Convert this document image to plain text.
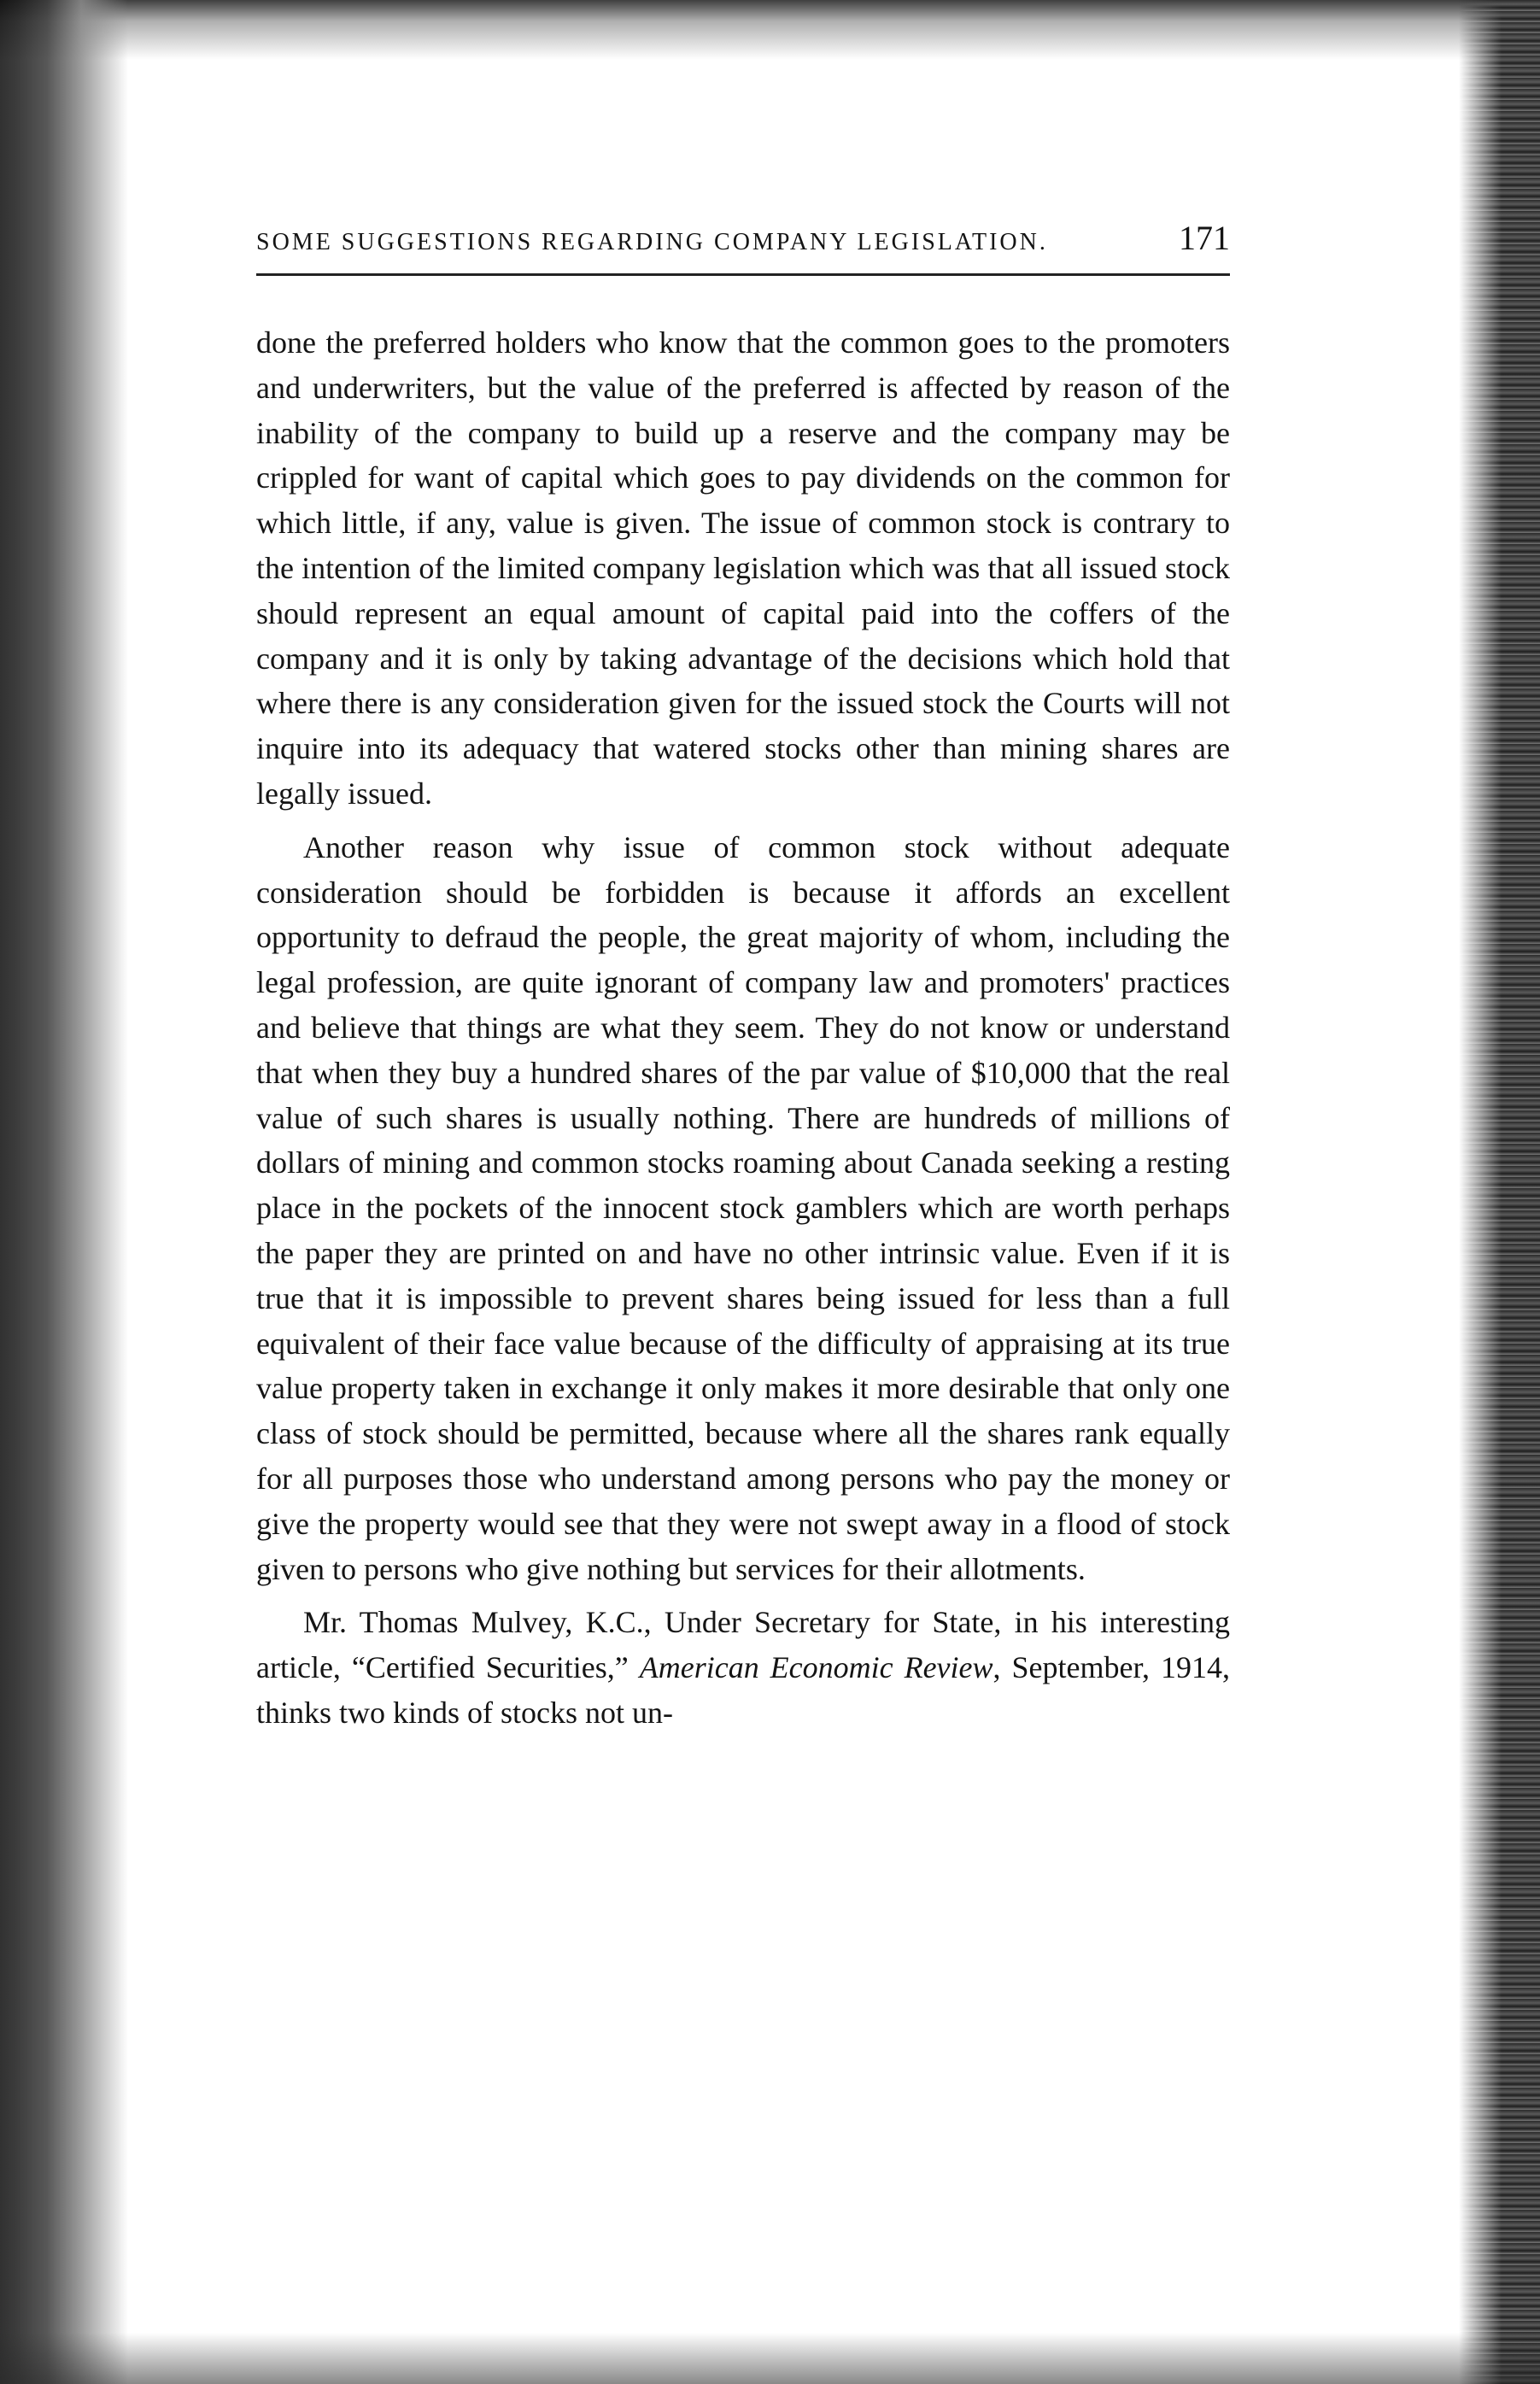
SOME SUGGESTIONS REGARDING COMPANY LEGISLATION.	171

done the preferred holders who know that the common goes to the promoters and underwriters, but the value of the preferred is affected by reason of the inability of the company to build up a reserve and the company may be crippled for want of capital which goes to pay dividends on the common for which little, if any, value is given. The issue of common stock is contrary to the intention of the limited company legislation which was that all issued stock should represent an equal amount of capital paid into the coffers of the company and it is only by taking advantage of the decisions which hold that where there is any consideration given for the issued stock the Courts will not inquire into its adequacy that watered stocks other than mining shares are legally issued.

Another reason why issue of common stock without adequate consideration should be forbidden is because it affords an excellent opportunity to defraud the people, the great majority of whom, including the legal profession, are quite ignorant of company law and promoters' practices and believe that things are what they seem. They do not know or understand that when they buy a hundred shares of the par value of $10,000 that the real value of such shares is usually nothing. There are hundreds of millions of dollars of mining and common stocks roaming about Canada seeking a resting place in the pockets of the innocent stock gamblers which are worth perhaps the paper they are printed on and have no other intrinsic value. Even if it is true that it is impossible to prevent shares being issued for less than a full equivalent of their face value because of the difficulty of appraising at its true value property taken in exchange it only makes it more desirable that only one class of stock should be permitted, because where all the shares rank equally for all purposes those who understand among persons who pay the money or give the property would see that they were not swept away in a flood of stock given to persons who give nothing but services for their allotments.

Mr. Thomas Mulvey, K.C., Under Secretary for State, in his interesting article, “Certified Securities,” American Economic Review, September, 1914, thinks two kinds of stocks not un-
